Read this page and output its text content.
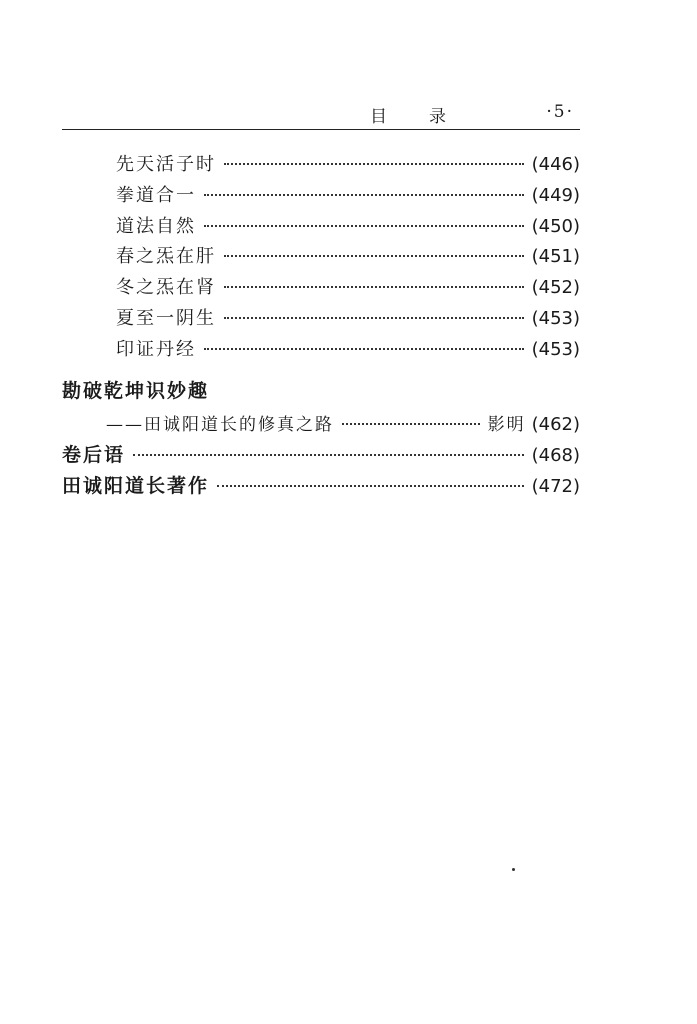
目录	·5·
先天活子时	(446)
拳道合一	(449)
道法自然	(450)
春之炁在肝	(451)
冬之炁在肾	(452)
夏至一阴生	(453)
印证丹经	(453)
勘破乾坤识妙趣
——田诚阳道长的修真之路	影明 (462)
卷后语	(468)
田诚阳道长著作	(472)
